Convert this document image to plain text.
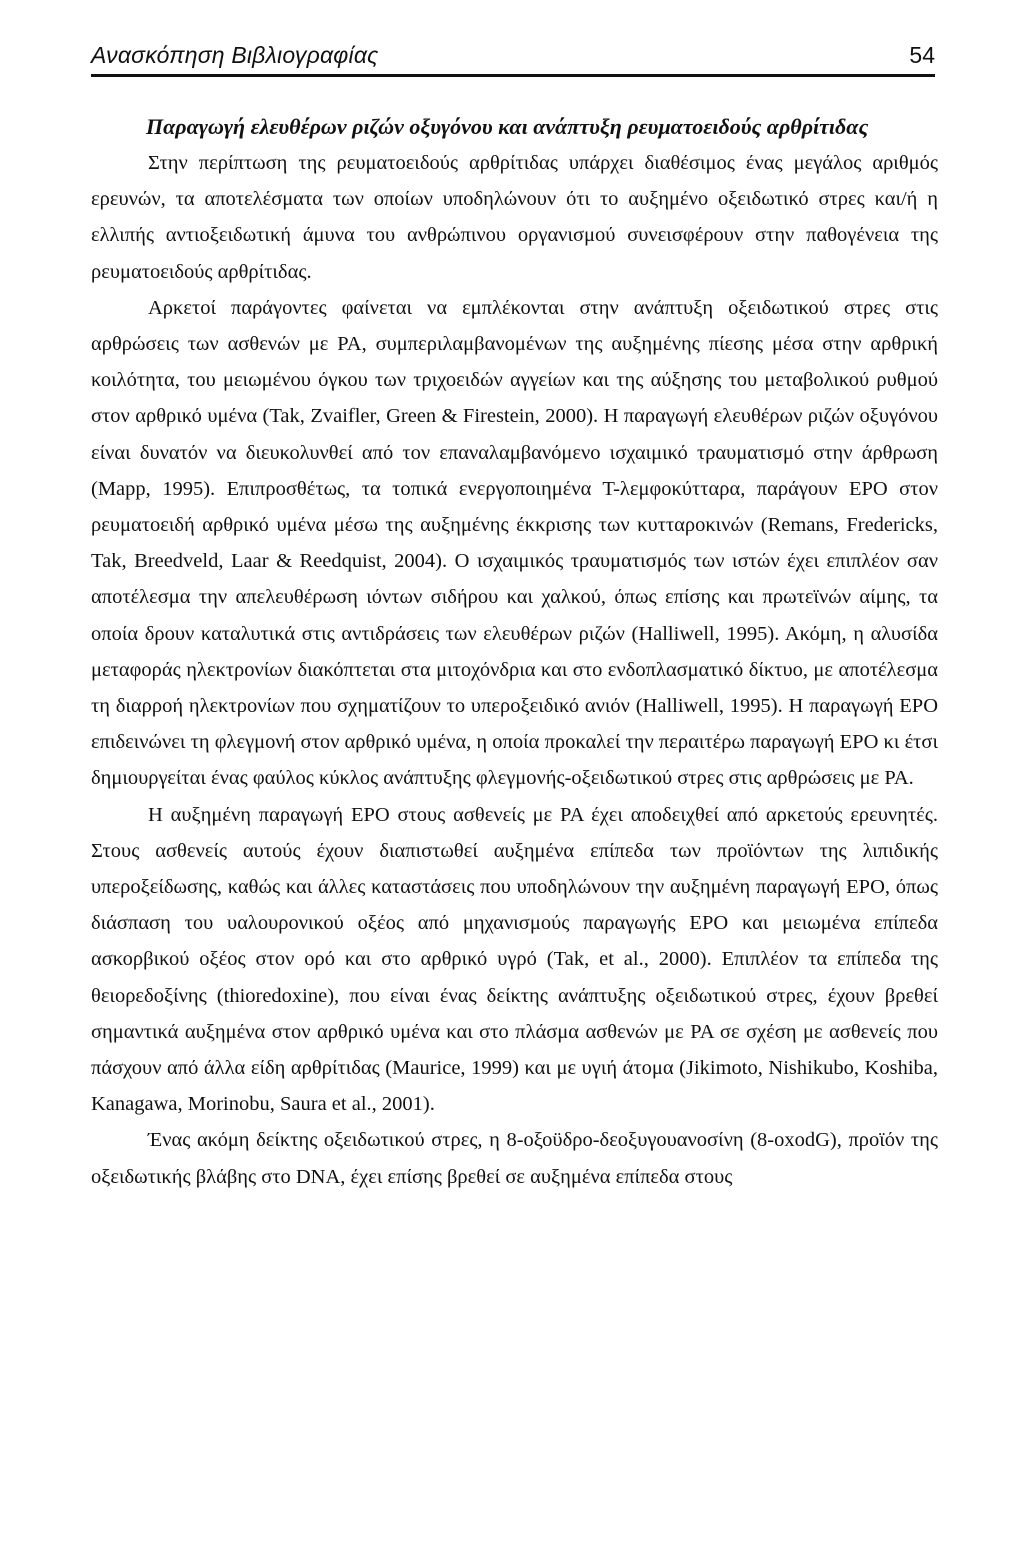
Ανασκόπηση Βιβλιογραφίας	54

Παραγωγή ελευθέρων ριζών οξυγόνου και ανάπτυξη ρευματοειδούς αρθρίτιδας

Στην περίπτωση της ρευματοειδούς αρθρίτιδας υπάρχει διαθέσιμος ένας μεγάλος αριθμός ερευνών, τα αποτελέσματα των οποίων υποδηλώνουν ότι το αυξημένο οξειδωτικό στρες και/ή η ελλιπής αντιοξειδωτική άμυνα του ανθρώπινου οργανισμού συνεισφέρουν στην παθογένεια της ρευματοειδούς αρθρίτιδας.

Αρκετοί παράγοντες φαίνεται να εμπλέκονται στην ανάπτυξη οξειδωτικού στρες στις αρθρώσεις των ασθενών με ΡΑ, συμπεριλαμβανομένων της αυξημένης πίεσης μέσα στην αρθρική κοιλότητα, του μειωμένου όγκου των τριχοειδών αγγείων και της αύξησης του μεταβολικού ρυθμού στον αρθρικό υμένα (Tak, Zvaifler, Green & Firestein, 2000). Η παραγωγή ελευθέρων ριζών οξυγόνου είναι δυνατόν να διευκολυνθεί από τον επαναλαμβανόμενο ισχαιμικό τραυματισμό στην άρθρωση (Mapp, 1995). Επιπροσθέτως, τα τοπικά ενεργοποιημένα Τ-λεμφοκύτταρα, παράγουν ΕΡΟ στον ρευματοειδή αρθρικό υμένα μέσω της αυξημένης έκκρισης των κυτταροκινών (Remans, Fredericks, Tak, Breedveld, Laar & Reedquist, 2004). Ο ισχαιμικός τραυματισμός των ιστών έχει επιπλέον σαν αποτέλεσμα την απελευθέρωση ιόντων σιδήρου και χαλκού, όπως επίσης και πρωτεϊνών αίμης, τα οποία δρουν καταλυτικά στις αντιδράσεις των ελευθέρων ριζών (Halliwell, 1995). Ακόμη, η αλυσίδα μεταφοράς ηλεκτρονίων διακόπτεται στα μιτοχόνδρια και στο ενδοπλασματικό δίκτυο, με αποτέλεσμα τη διαρροή ηλεκτρονίων που σχηματίζουν το υπεροξειδικό ανιόν (Halliwell, 1995). Η παραγωγή ΕΡΟ επιδεινώνει τη φλεγμονή στον αρθρικό υμένα, η οποία προκαλεί την περαιτέρω παραγωγή ΕΡΟ κι έτσι δημιουργείται ένας φαύλος κύκλος ανάπτυξης φλεγμονής-οξειδωτικού στρες στις αρθρώσεις με ΡΑ.

Η αυξημένη παραγωγή ΕΡΟ στους ασθενείς με ΡΑ έχει αποδειχθεί από αρκετούς ερευνητές. Στους ασθενείς αυτούς έχουν διαπιστωθεί αυξημένα επίπεδα των προϊόντων της λιπιδικής υπεροξείδωσης, καθώς και άλλες καταστάσεις που υποδηλώνουν την αυξημένη παραγωγή ΕΡΟ, όπως διάσπαση του υαλουρονικού οξέος από μηχανισμούς παραγωγής ΕΡΟ και μειωμένα επίπεδα ασκορβικού οξέος στον ορό και στο αρθρικό υγρό (Tak, et al., 2000). Επιπλέον τα επίπεδα της θειορεδοξίνης (thioredoxine), που είναι ένας δείκτης ανάπτυξης οξειδωτικού στρες, έχουν βρεθεί σημαντικά αυξημένα στον αρθρικό υμένα και στο πλάσμα ασθενών με ΡΑ σε σχέση με ασθενείς που πάσχουν από άλλα είδη αρθρίτιδας (Maurice, 1999) και με υγιή άτομα (Jikimoto, Nishikubo, Koshiba, Kanagawa, Morinobu, Saura et al., 2001).

Ένας ακόμη δείκτης οξειδωτικού στρες, η 8-οξοϋδρο-δεοξυγουανοσίνη (8-oxodG), προϊόν της οξειδωτικής βλάβης στο DNA, έχει επίσης βρεθεί σε αυξημένα επίπεδα στους
